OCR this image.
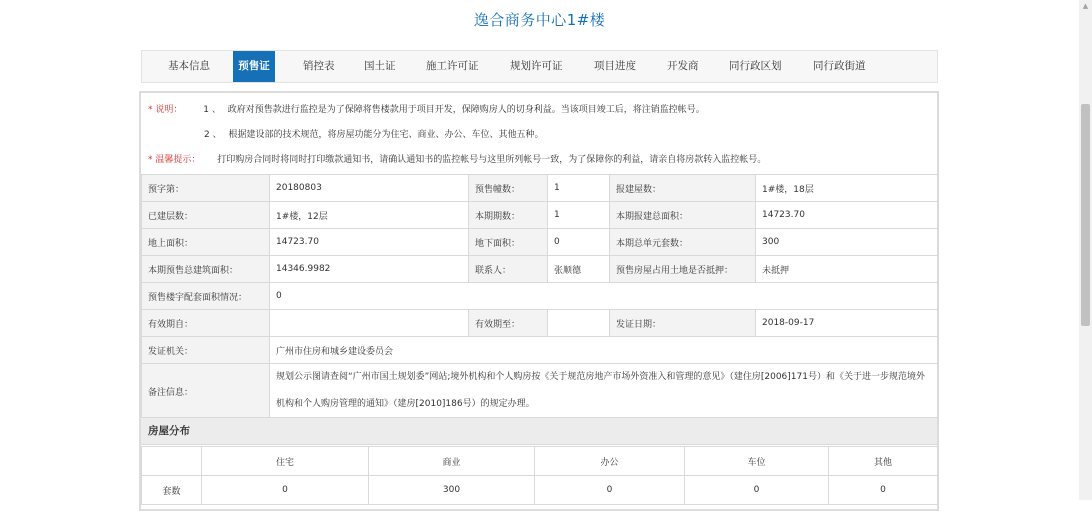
逸合商务中心1#楼
基本信息	预售证	销控表	国土证	施工许可证	规划许可证	项目进度	开发商	同行政区划	同行政街道
* 说明： 1 、 政府对预售款进行监控是为了保障将售楼款用于项目开发，保障购房人的切身利益。当该项目竣工后，将注销监控帐号。
2 、 根据建设部的技术规范，将房屋功能分为住宅、商业、办公、车位、其他五种。
* 温馨提示： 打印购房合同时将同时打印缴款通知书，请确认通知书的监控帐号与这里所列帐号一致，为了保障你的利益，请亲自将房款转入监控帐号。
预字第：	20180803	预售幢数：	1	报建屋数：	1#楼，18层
已建层数：	1#楼，12层	本期期数：	1	本期报建总面积：	14723.70
地上面积：	14723.70	地下面积：	0	本期总单元套数：	300
本期预售总建筑面积：	14346.9982	联系人：	张顺德	预售房屋占用土地是否抵押：	未抵押
预售楼宇配套面积情况：	0				
有效期自：		有效期至：		发证日期：	2018-09-17
发证机关：	广州市住房和城乡建设委员会				
备注信息：	规划公示图请查阅“广州市国土规划委”网站;境外机构和个人购房按《关于规范房地产市场外资准入和管理的意见》（建住房[2006]171号）和《关于进一步规范境外机构和个人购房管理的通知》（建房[2010]186号）的规定办理。				
房屋分布
	住宅	商业	办公	车位	其他
套数	0	300	0	0	0
▲
